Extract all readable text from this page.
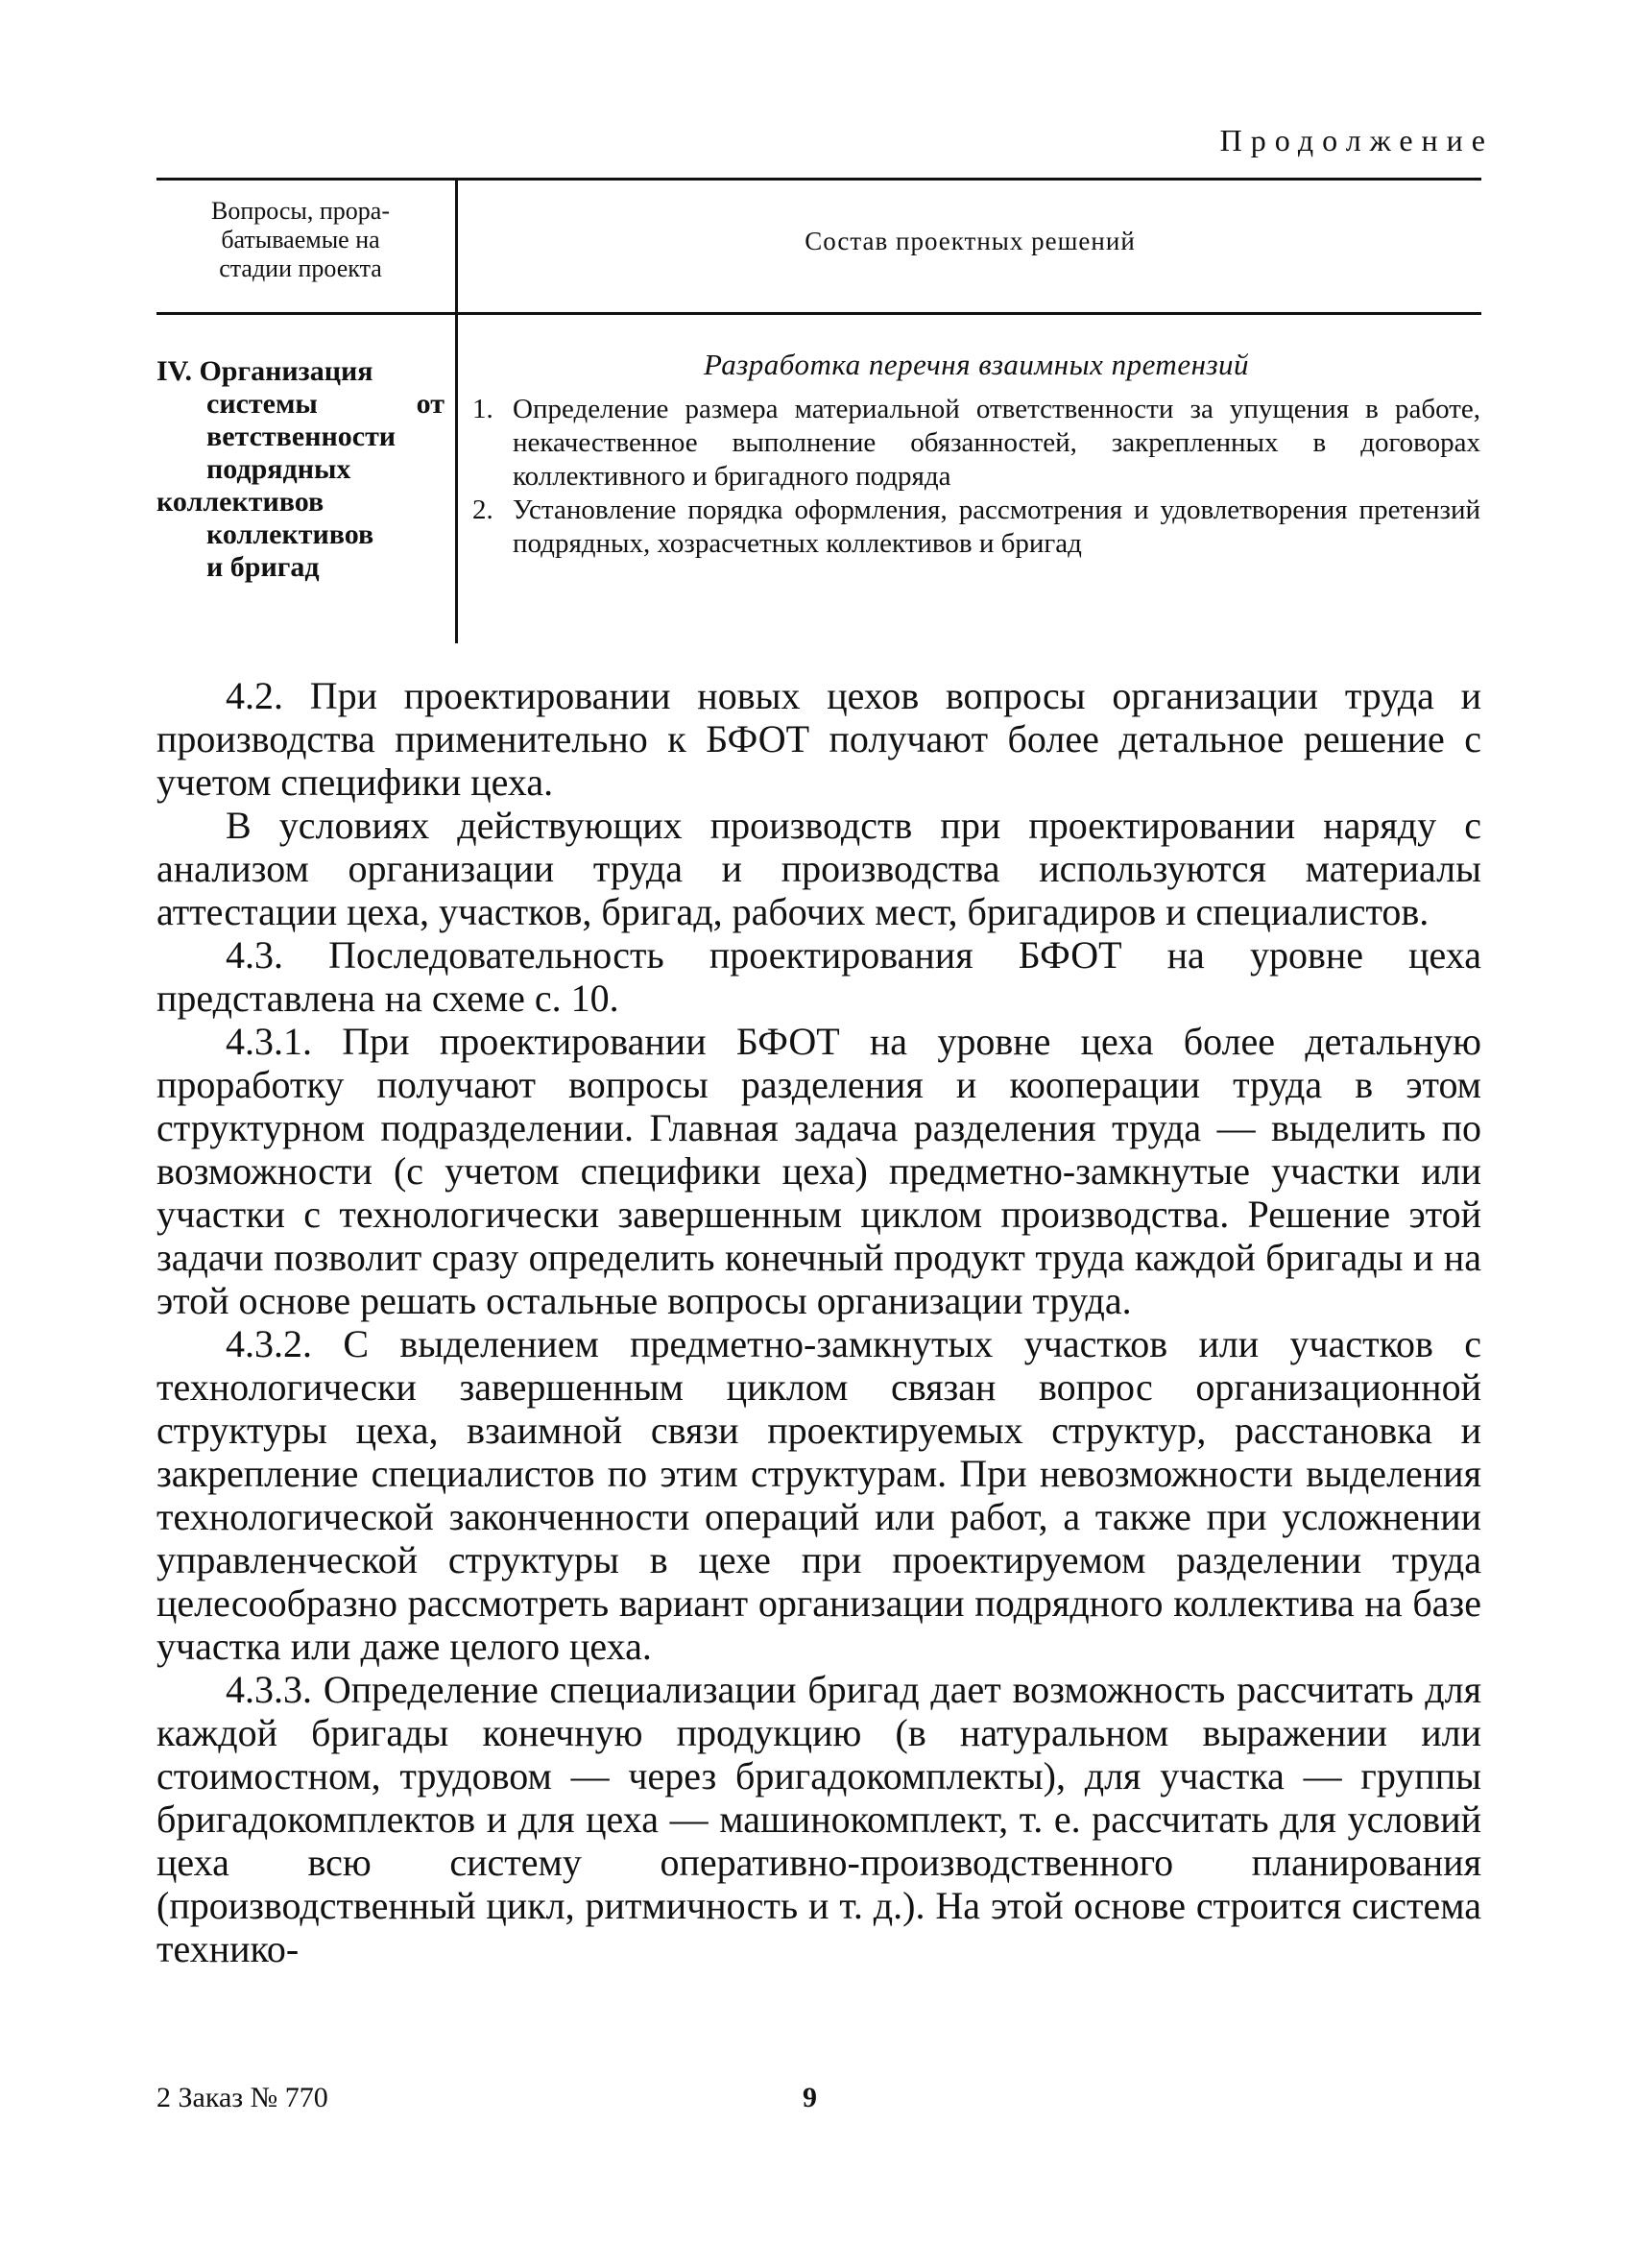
Продолжение
Вопросы, прора-
батываемые на
стадии проекта
Состав проектных решений
IV. Организация
системы	от
ветственности
подрядных
коллективов
коллективов
и бригад
Разработка перечня взаимных претензий
1. Определение размера материальной ответственности за упущения в работе, некачественное выполнение обязанностей, закрепленных в договорах коллективного и бригадного подряда
2. Установление порядка оформления, рассмотрения и удовлетворения претензий подрядных, хозрасчетных коллективов и бригад

4.2. При проектировании новых цехов вопросы организации труда и производства применительно к БФОТ получают более детальное решение с учетом специфики цеха.

В условиях действующих производств при проектировании наряду с анализом организации труда и производства используются материалы аттестации цеха, участков, бригад, рабочих мест, бригадиров и специалистов.

4.3. Последовательность проектирования БФОТ на уровне цеха представлена на схеме с. 10.

4.3.1. При проектировании БФОТ на уровне цеха более детальную проработку получают вопросы разделения и кооперации труда в этом структурном подразделении. Главная задача разделения труда — выделить по возможности (с учетом специфики цеха) предметно-замкнутые участки или участки с технологически завершенным циклом производства. Решение этой задачи позволит сразу определить конечный продукт труда каждой бригады и на этой основе решать остальные вопросы организации труда.

4.3.2. С выделением предметно-замкнутых участков или участков с технологически завершенным циклом связан вопрос организационной структуры цеха, взаимной связи проектируемых структур, расстановка и закрепление специалистов по этим структурам. При невозможности выделения технологической законченности операций или работ, а также при усложнении управленческой структуры в цехе при проектируемом разделении труда целесообразно рассмотреть вариант организации подрядного коллектива на базе участка или даже целого цеха.

4.3.3. Определение специализации бригад дает возможность рассчитать для каждой бригады конечную продукцию (в натуральном выражении или стоимостном, трудовом — через бригадокомплекты), для участка — группы бригадокомплектов и для цеха — машинокомплект, т. е. рассчитать для условий цеха всю систему оперативно-производственного планирования (производственный цикл, ритмичность и т. д.). На этой основе строится система технико-

2 Заказ № 770	9
